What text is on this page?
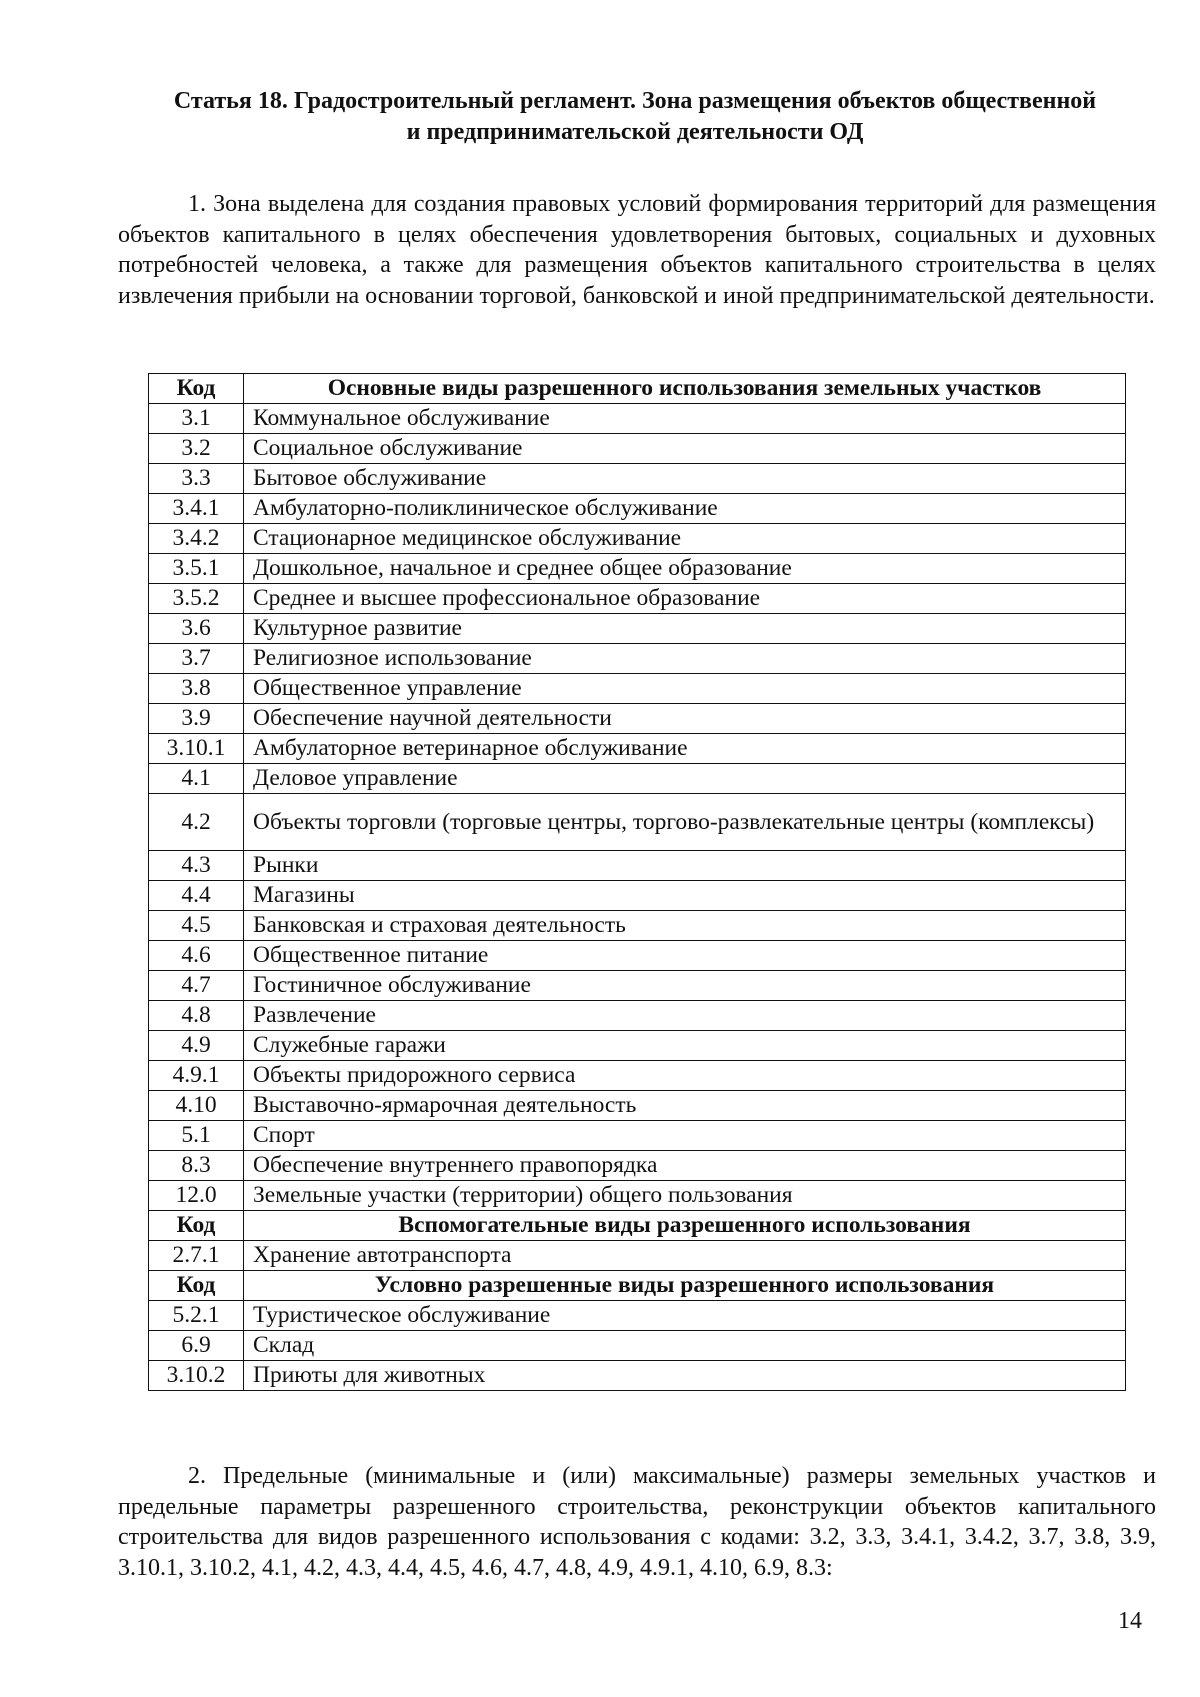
Статья 18. Градостроительный регламент. Зона размещения объектов общественной
и предпринимательской деятельности ОД

1. Зона выделена для создания правовых условий формирования территорий для размещения объектов капитального в целях обеспечения удовлетворения бытовых, социальных и духовных потребностей человека, а также для размещения объектов капитального строительства в целях извлечения прибыли на основании торговой, банковской и иной предпринимательской деятельности.

Код	Основные виды разрешенного использования земельных участков
3.1	Коммунальное обслуживание
3.2	Социальное обслуживание
3.3	Бытовое обслуживание
3.4.1	Амбулаторно-поликлиническое обслуживание
3.4.2	Стационарное медицинское обслуживание
3.5.1	Дошкольное, начальное и среднее общее образование
3.5.2	Среднее и высшее профессиональное образование
3.6	Культурное развитие
3.7	Религиозное использование
3.8	Общественное управление
3.9	Обеспечение научной деятельности
3.10.1	Амбулаторное ветеринарное обслуживание
4.1	Деловое управление
4.2	Объекты торговли (торговые центры, торгово-развлекательные центры (комплексы)
4.3	Рынки
4.4	Магазины
4.5	Банковская и страховая деятельность
4.6	Общественное питание
4.7	Гостиничное обслуживание
4.8	Развлечение
4.9	Служебные гаражи
4.9.1	Объекты придорожного сервиса
4.10	Выставочно-ярмарочная деятельность
5.1	Спорт
8.3	Обеспечение внутреннего правопорядка
12.0	Земельные участки (территории) общего пользования
Код	Вспомогательные виды разрешенного использования
2.7.1	Хранение автотранспорта
Код	Условно разрешенные виды разрешенного использования
5.2.1	Туристическое обслуживание
6.9	Склад
3.10.2	Приюты для животных

2. Предельные (минимальные и (или) максимальные) размеры земельных участков и предельные параметры разрешенного строительства, реконструкции объектов капитального строительства для видов разрешенного использования с кодами: 3.2, 3.3, 3.4.1, 3.4.2, 3.7, 3.8, 3.9, 3.10.1, 3.10.2, 4.1, 4.2, 4.3, 4.4, 4.5, 4.6, 4.7, 4.8, 4.9, 4.9.1, 4.10, 6.9, 8.3:

14
